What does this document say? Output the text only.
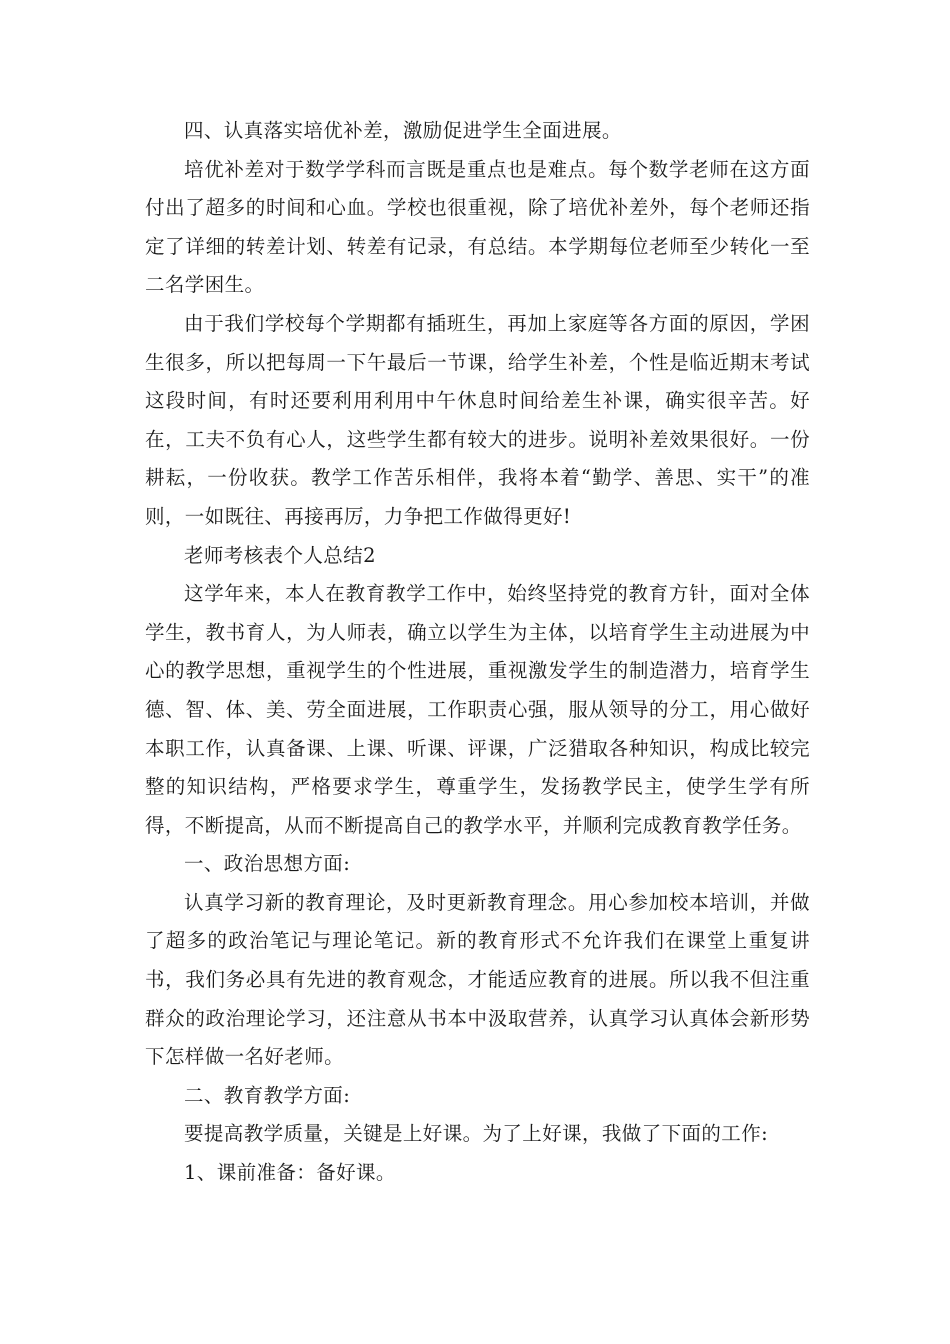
四、认真落实培优补差，激励促进学生全面进展。

培优补差对于数学学科而言既是重点也是难点。每个数学老师在这方面付出了超多的时间和心血。学校也很重视，除了培优补差外，每个老师还指定了详细的转差计划、转差有记录，有总结。本学期每位老师至少转化一至二名学困生。

由于我们学校每个学期都有插班生，再加上家庭等各方面的原因，学困生很多，所以把每周一下午最后一节课，给学生补差，个性是临近期末考试这段时间，有时还要利用利用中午休息时间给差生补课，确实很辛苦。好在，工夫不负有心人，这些学生都有较大的进步。说明补差效果很好。一份耕耘，一份收获。教学工作苦乐相伴，我将本着“勤学、善思、实干”的准则，一如既往、再接再厉，力争把工作做得更好!

老师考核表个人总结2

这学年来，本人在教育教学工作中，始终坚持党的教育方针，面对全体学生，教书育人，为人师表，确立以学生为主体，以培育学生主动进展为中心的教学思想，重视学生的个性进展，重视激发学生的制造潜力，培育学生德、智、体、美、劳全面进展，工作职责心强，服从领导的分工，用心做好本职工作，认真备课、上课、听课、评课，广泛猎取各种知识，构成比较完整的知识结构，严格要求学生，尊重学生，发扬教学民主，使学生学有所得，不断提高，从而不断提高自己的教学水平，并顺利完成教育教学任务。

一、政治思想方面:

认真学习新的教育理论，及时更新教育理念。用心参加校本培训，并做了超多的政治笔记与理论笔记。新的教育形式不允许我们在课堂上重复讲书，我们务必具有先进的教育观念，才能适应教育的进展。所以我不但注重群众的政治理论学习，还注意从书本中汲取营养，认真学习认真体会新形势下怎样做一名好老师。

二、教育教学方面:

要提高教学质量，关键是上好课。为了上好课，我做了下面的工作:

1、课前准备：备好课。
